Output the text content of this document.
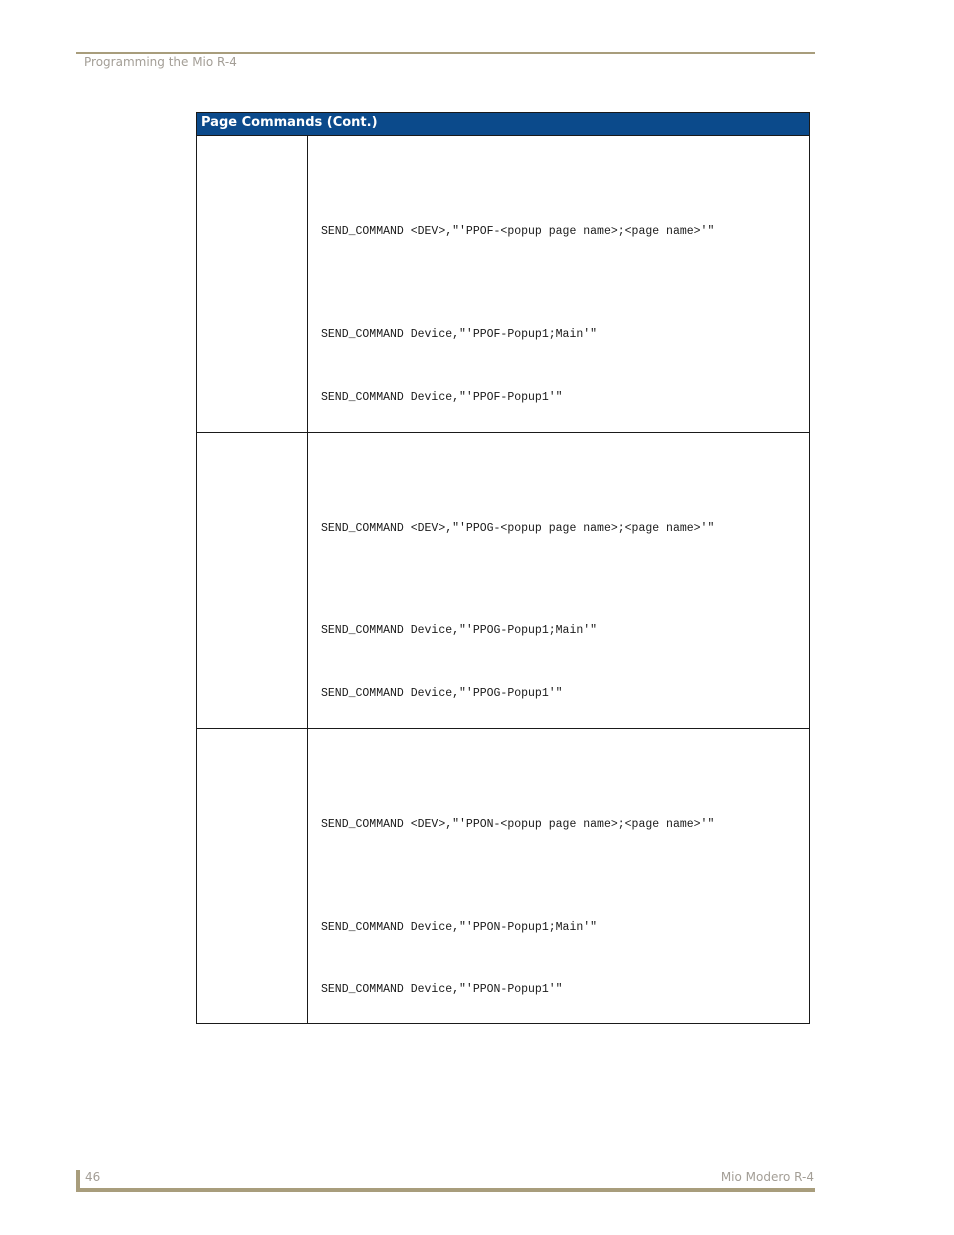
Programming the Mio R-4
Page Commands (Cont.)
SEND_COMMAND <DEV>,"'PPOF-<popup page name>;<page name>'"
SEND_COMMAND Device,"'PPOF-Popup1;Main'"
SEND_COMMAND Device,"'PPOF-Popup1'"
SEND_COMMAND <DEV>,"'PPOG-<popup page name>;<page name>'"
SEND_COMMAND Device,"'PPOG-Popup1;Main'"
SEND_COMMAND Device,"'PPOG-Popup1'"
SEND_COMMAND <DEV>,"'PPON-<popup page name>;<page name>'"
SEND_COMMAND Device,"'PPON-Popup1;Main'"
SEND_COMMAND Device,"'PPON-Popup1'"
46	Mio Modero R-4
